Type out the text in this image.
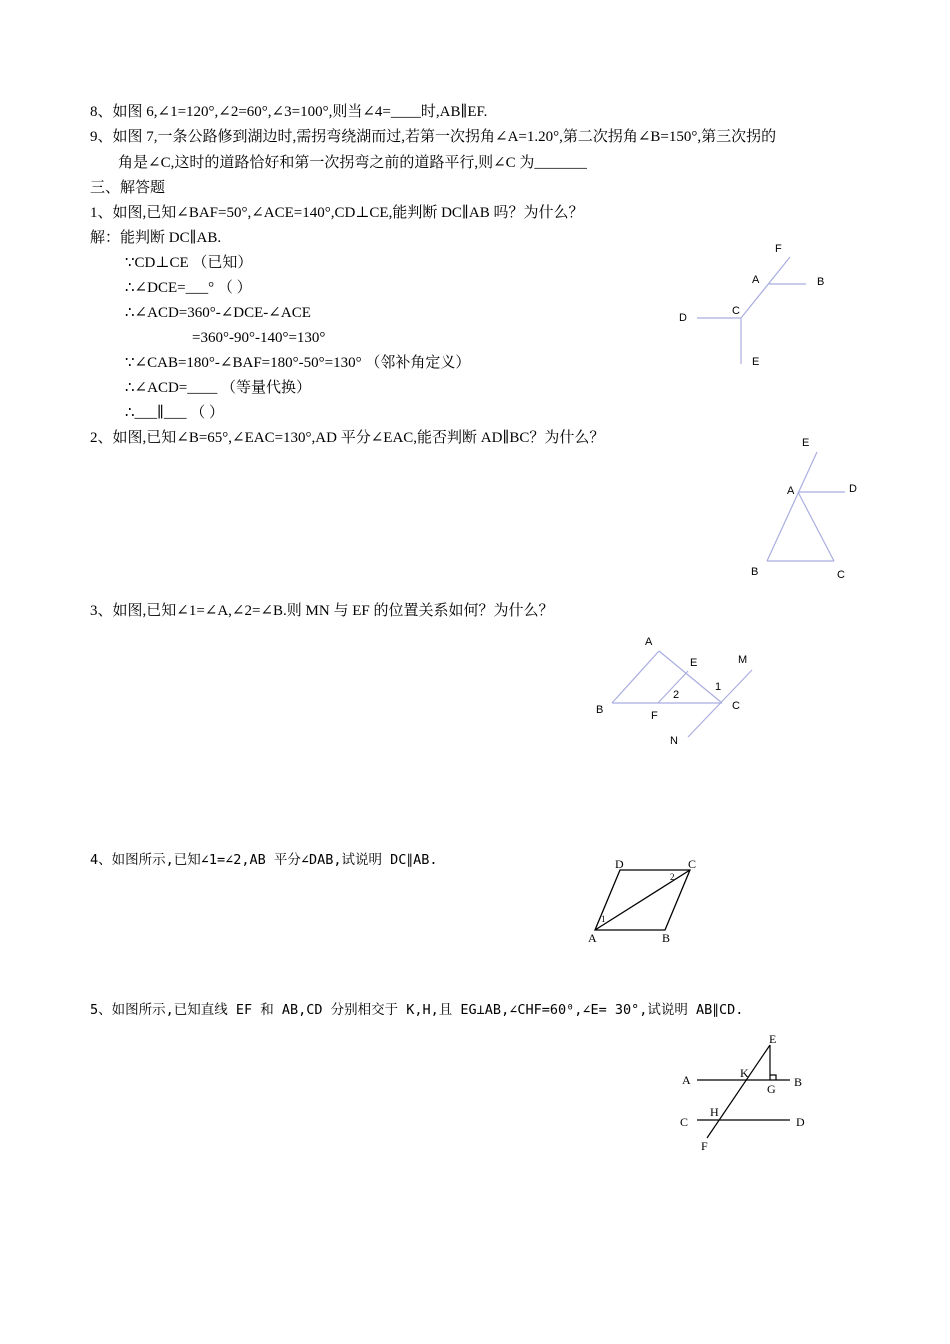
8、如图 6,∠1=120°,∠2=60°,∠3=100°,则当∠4=____时,AB∥EF.
9、如图 7,一条公路修到湖边时,需拐弯绕湖而过,若第一次拐角∠A=1.20°,第二次拐角∠B=150°,第三次拐的
角是∠C,这时的道路恰好和第一次拐弯之前的道路平行,则∠C 为_______
三、解答题
1、如图,已知∠BAF=50°,∠ACE=140°,CD⊥CE,能判断 DC∥AB 吗？为什么？
解：能判断 DC∥AB.
∵CD⊥CE （已知）
∴∠DCE=___° （ ）
∴∠ACD=360°-∠DCE-∠ACE
=360°-90°-140°=130°
∵∠CAB=180°-∠BAF=180°-50°=130° （邻补角定义）
∴∠ACD=____ （等量代换）
∴___∥___ （ ）
2、如图,已知∠B=65°,∠EAC=130°,AD 平分∠EAC,能否判断 AD∥BC？为什么？
3、如图,已知∠1=∠A,∠2=∠B.则 MN 与 EF 的位置关系如何？为什么？
4、如图所示,已知∠1=∠2,AB 平分∠DAB,试说明 DC∥AB.
5、如图所示,已知直线 EF 和 AB,CD 分别相交于 K,H,且 EG⊥AB,∠CHF=60⁰,∠E= 30°,试说明 AB∥CD.
F
A	B
C
D
E
E
A	D
B	C
A
E	M
1
2
B	F
C
N
D	C
2
1
A	B
E
A	K
G B
C
H
D
F
